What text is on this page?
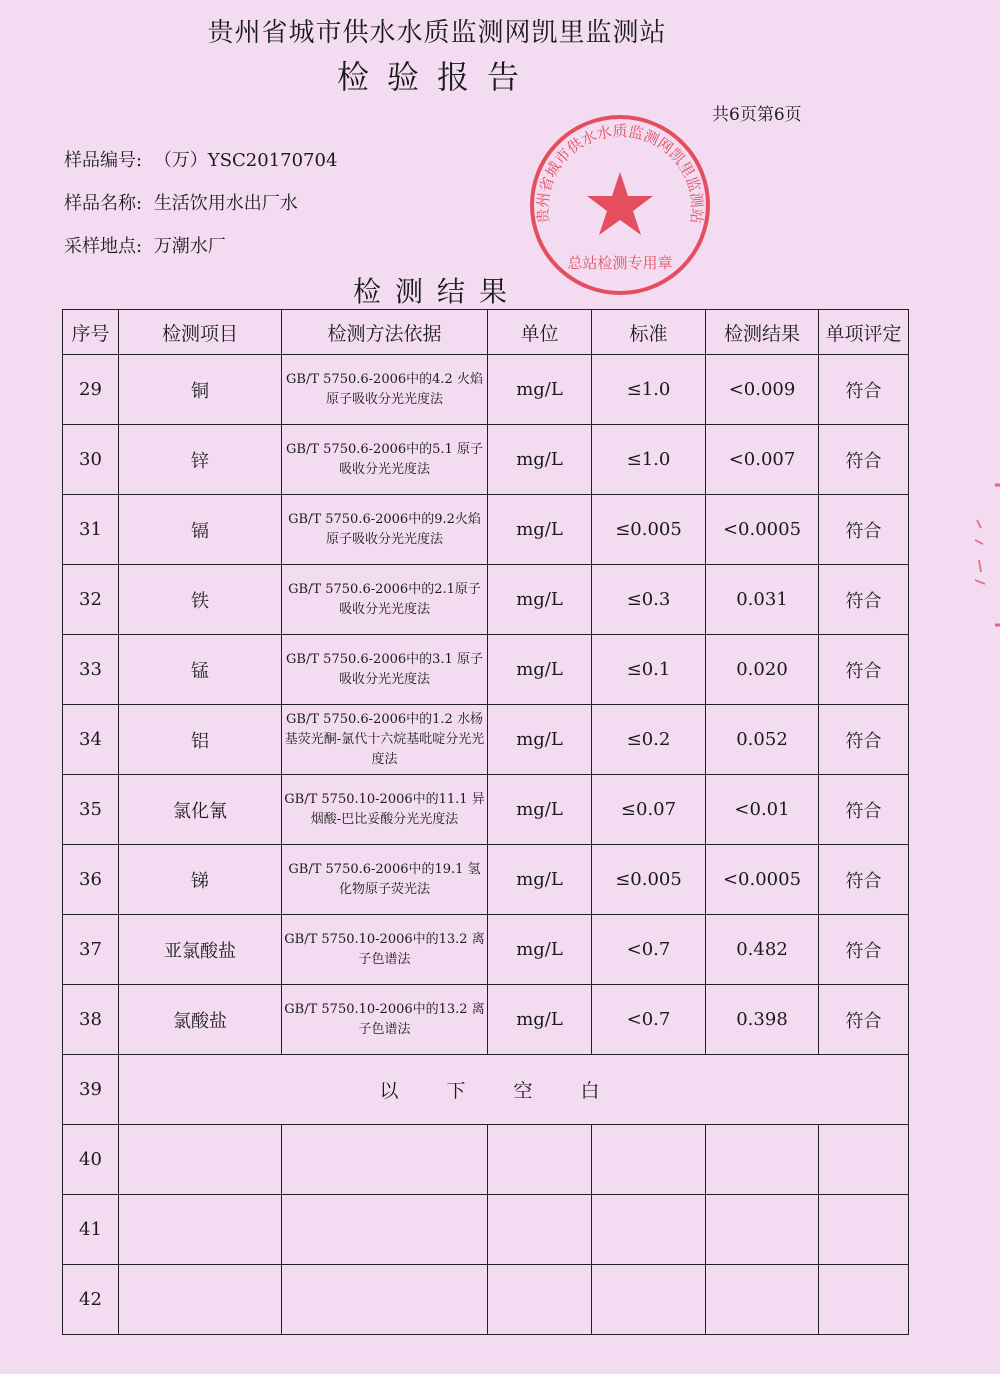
贵州省城市供水水质监测网凯里监测站
检验报告
共6页第6页
样品编号: （万）YSC20170704
样品名称: 生活饮用水出厂水
采样地点: 万潮水厂
贵州省城市供水水质监测网凯里监测站
总站检测专用章
检测结果
序号	检测项目	检测方法依据	单位	标准	检测结果	单项评定
29	铜	GB/T 5750.6-2006中的4.2 火焰原子吸收分光光度法	mg/L	≤1.0	<0.009	符合
30	锌	GB/T 5750.6-2006中的5.1 原子吸收分光光度法	mg/L	≤1.0	<0.007	符合
31	镉	GB/T 5750.6-2006中的9.2火焰原子吸收分光光度法	mg/L	≤0.005	<0.0005	符合
32	铁	GB/T 5750.6-2006中的2.1原子吸收分光光度法	mg/L	≤0.3	0.031	符合
33	锰	GB/T 5750.6-2006中的3.1 原子吸收分光光度法	mg/L	≤0.1	0.020	符合
34	铝	GB/T 5750.6-2006中的1.2 水杨基荧光酮-氯代十六烷基吡啶分光光度法	mg/L	≤0.2	0.052	符合
35	氯化氰	GB/T 5750.10-2006中的11.1 异烟酸-巴比妥酸分光光度法	mg/L	≤0.07	<0.01	符合
36	锑	GB/T 5750.6-2006中的19.1 氢化物原子荧光法	mg/L	≤0.005	<0.0005	符合
37	亚氯酸盐	GB/T 5750.10-2006中的13.2 离子色谱法	mg/L	<0.7	0.482	符合
38	氯酸盐	GB/T 5750.10-2006中的13.2 离子色谱法	mg/L	<0.7	0.398	符合
39	以下空白					
40						
41						
42						
